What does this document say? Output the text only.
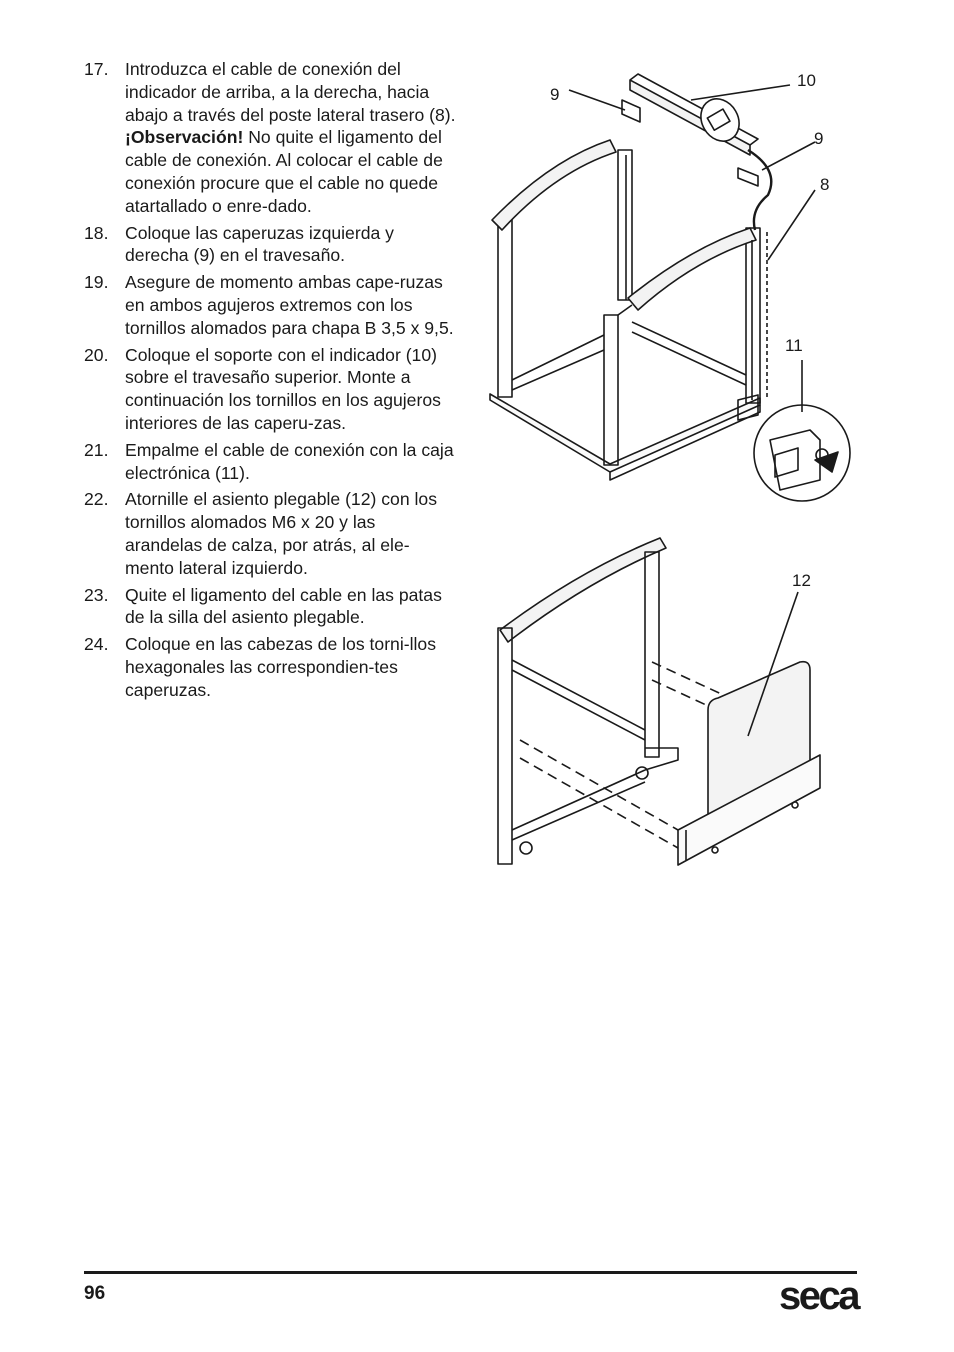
17. Introduzca el cable de conexión del indicador de arriba, a la derecha, hacia abajo a través del poste lateral trasero (8).
¡Observación! No quite el ligamento del cable de conexión. Al colocar el cable de conexión procure que el cable no quede atartallado o enre-dado.
18. Coloque las caperuzas izquierda y derecha (9) en el travesaño.
19. Asegure de momento ambas cape-ruzas en ambos agujeros extremos con los tornillos alomados para chapa B 3,5 x 9,5.
20. Coloque el soporte con el indicador (10) sobre el travesaño superior. Monte a continuación los tornillos en los agujeros interiores de las caperu-zas.
21. Empalme el cable de conexión con la caja electrónica (11).
22. Atornille el asiento plegable (12) con los tornillos alomados M6 x 20 y las arandelas de calza, por atrás, al ele-mento lateral izquierdo.
23. Quite el ligamento del cable en las patas de la silla del asiento plegable.
24. Coloque en las cabezas de los torni-llos hexagonales las correspondien-tes caperuzas.
10
9
9
8
11
12
96	seca
